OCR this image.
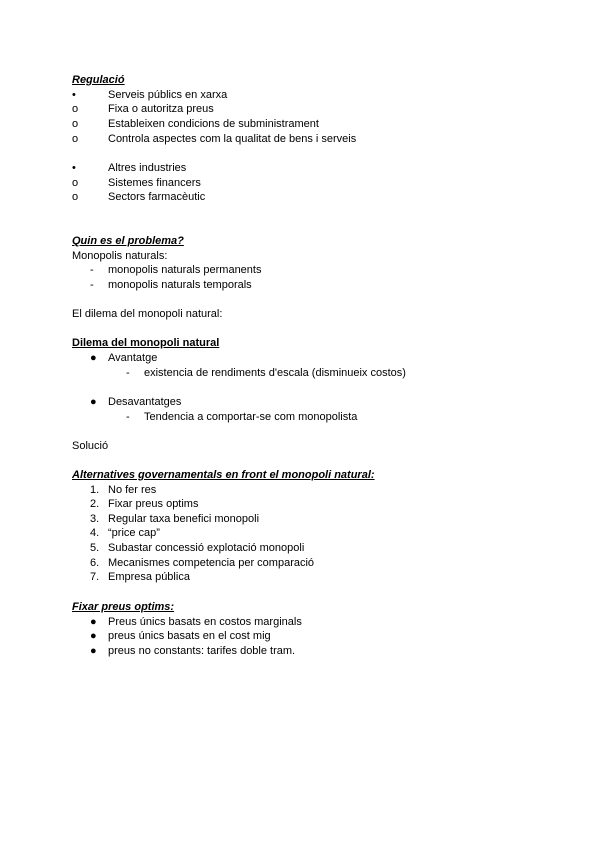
Regulació
•	Serveis públics en xarxa
o	Fixa o autoritza preus
o	Estableixen condicions de subministrament
o	Controla aspectes com la qualitat de bens i serveis
•	Altres industries
o	Sistemes financers
o	Sectors farmacèutic
Quin es el problema?
Monopolis naturals:
- monopolis naturals permanents
- monopolis naturals temporals
El dilema del monopoli natural:
Dilema del monopoli natural
● Avantatge
- existencia de rendiments d'escala (disminueix costos)
● Desavantatges
- Tendencia a comportar-se com monopolista
Solució
Alternatives governamentals en front el monopoli natural:
1. No fer res
2. Fixar preus optims
3. Regular taxa benefici monopoli
4. “price cap”
5. Subastar concessió explotació monopoli
6. Mecanismes competencia per comparació
7. Empresa pública
Fixar preus optims:
● Preus únics basats en costos marginals
● preus únics basats en el cost mig
● preus no constants: tarifes doble tram.
